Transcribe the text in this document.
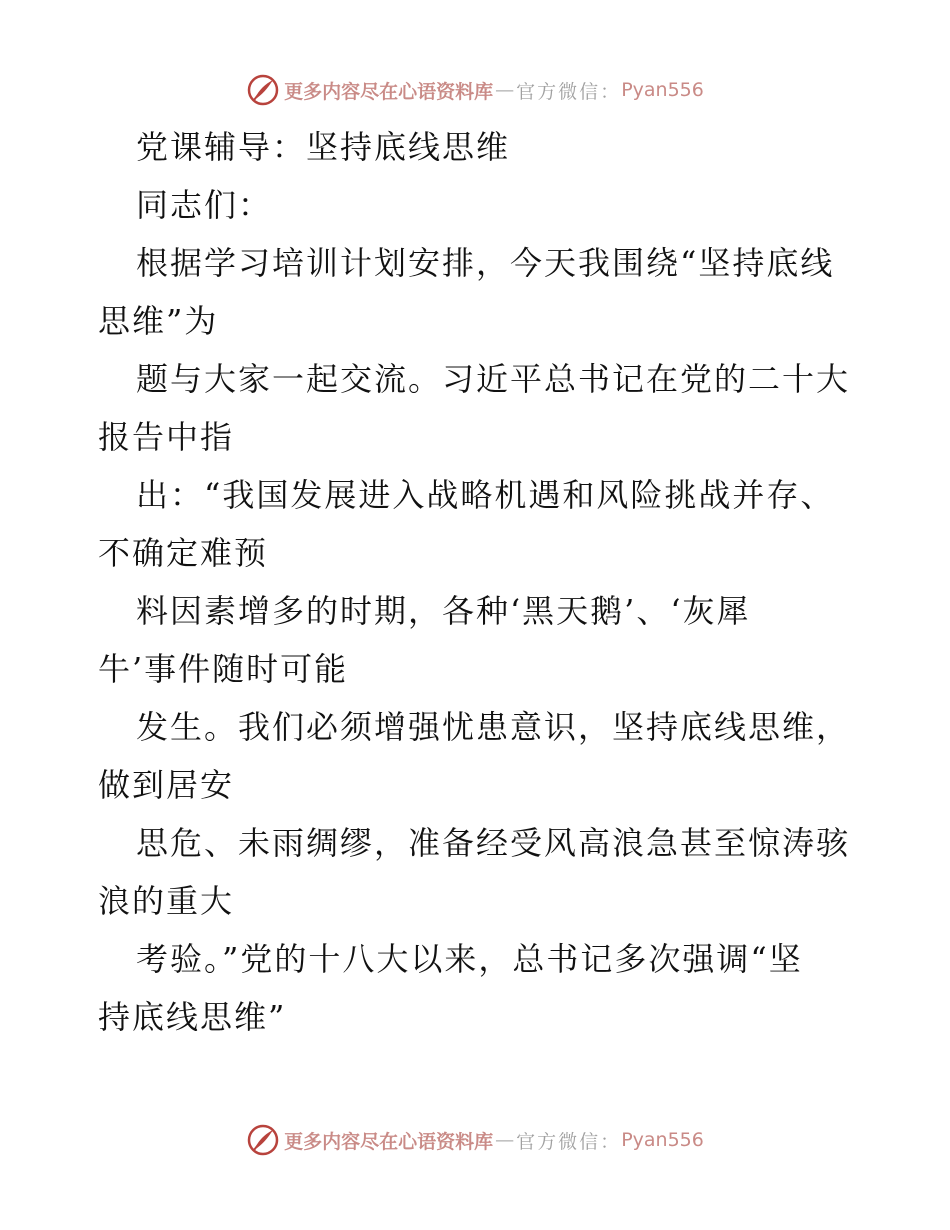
更多内容尽在心语资料库 — 官方微信： Pyan556

党课辅导：坚持底线思维

同志们：

根据学习培训计划安排，今天我围绕“坚持底线

思维”为

题与大家一起交流。习近平总书记在党的二十大

报告中指

出：“我国发展进入战略机遇和风险挑战并存、

不确定难预

料因素增多的时期，各种‘黑天鹅’、‘灰犀

牛’事件随时可能

发生。我们必须增强忧患意识，坚持底线思维，

做到居安

思危、未雨绸缪，准备经受风高浪急甚至惊涛骇

浪的重大

考验。”党的十八大以来，总书记多次强调“坚

持底线思维”

更多内容尽在心语资料库 — 官方微信： Pyan556
